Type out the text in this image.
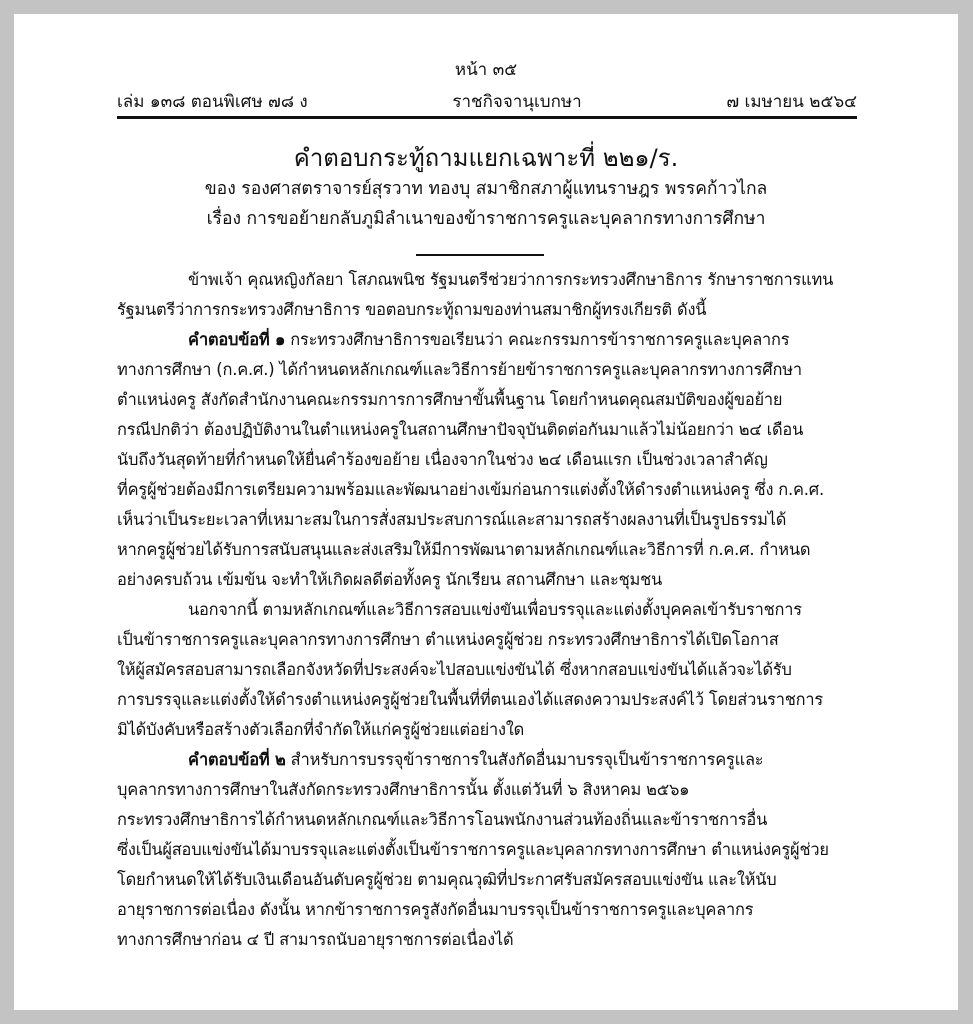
หน้า ๓๕
เล่ม ๑๓๘ ตอนพิเศษ ๗๘ ง	ราชกิจจานุเบกษา	๗ เมษายน ๒๕๖๔
คำตอบกระทู้ถามแยกเฉพาะที่ ๒๒๑/ร.
ของ รองศาสตราจารย์สุรวาท ทองบุ สมาชิกสภาผู้แทนราษฎร พรรคก้าวไกล
เรื่อง การขอย้ายกลับภูมิลำเนาของข้าราชการครูและบุคลากรทางการศึกษา
ข้าพเจ้า คุณหญิงกัลยา โสภณพนิช รัฐมนตรีช่วยว่าการกระทรวงศึกษาธิการ รักษาราชการแทน
รัฐมนตรีว่าการกระทรวงศึกษาธิการ ขอตอบกระทู้ถามของท่านสมาชิกผู้ทรงเกียรติ ดังนี้
คำตอบข้อที่ ๑ กระทรวงศึกษาธิการขอเรียนว่า คณะกรรมการข้าราชการครูและบุคลากร
ทางการศึกษา (ก.ค.ศ.) ได้กำหนดหลักเกณฑ์และวิธีการย้ายข้าราชการครูและบุคลากรทางการศึกษา
ตำแหน่งครู สังกัดสำนักงานคณะกรรมการการศึกษาขั้นพื้นฐาน โดยกำหนดคุณสมบัติของผู้ขอย้าย
กรณีปกติว่า ต้องปฏิบัติงานในตำแหน่งครูในสถานศึกษาปัจจุบันติดต่อกันมาแล้วไม่น้อยกว่า ๒๔ เดือน
นับถึงวันสุดท้ายที่กำหนดให้ยื่นคำร้องขอย้าย เนื่องจากในช่วง ๒๔ เดือนแรก เป็นช่วงเวลาสำคัญ
ที่ครูผู้ช่วยต้องมีการเตรียมความพร้อมและพัฒนาอย่างเข้มก่อนการแต่งตั้งให้ดำรงตำแหน่งครู ซึ่ง ก.ค.ศ.
เห็นว่าเป็นระยะเวลาที่เหมาะสมในการสั่งสมประสบการณ์และสามารถสร้างผลงานที่เป็นรูปธรรมได้
หากครูผู้ช่วยได้รับการสนับสนุนและส่งเสริมให้มีการพัฒนาตามหลักเกณฑ์และวิธีการที่ ก.ค.ศ. กำหนด
อย่างครบถ้วน เข้มข้น จะทำให้เกิดผลดีต่อทั้งครู นักเรียน สถานศึกษา และชุมชน
นอกจากนี้ ตามหลักเกณฑ์และวิธีการสอบแข่งขันเพื่อบรรจุและแต่งตั้งบุคคลเข้ารับราชการ
เป็นข้าราชการครูและบุคลากรทางการศึกษา ตำแหน่งครูผู้ช่วย กระทรวงศึกษาธิการได้เปิดโอกาส
ให้ผู้สมัครสอบสามารถเลือกจังหวัดที่ประสงค์จะไปสอบแข่งขันได้ ซึ่งหากสอบแข่งขันได้แล้วจะได้รับ
การบรรจุและแต่งตั้งให้ดำรงตำแหน่งครูผู้ช่วยในพื้นที่ที่ตนเองได้แสดงความประสงค์ไว้ โดยส่วนราชการ
มิได้บังคับหรือสร้างตัวเลือกที่จำกัดให้แก่ครูผู้ช่วยแต่อย่างใด
คำตอบข้อที่ ๒ สำหรับการบรรจุข้าราชการในสังกัดอื่นมาบรรจุเป็นข้าราชการครูและ
บุคลากรทางการศึกษาในสังกัดกระทรวงศึกษาธิการนั้น ตั้งแต่วันที่ ๖ สิงหาคม ๒๕๖๑
กระทรวงศึกษาธิการได้กำหนดหลักเกณฑ์และวิธีการโอนพนักงานส่วนท้องถิ่นและข้าราชการอื่น
ซึ่งเป็นผู้สอบแข่งขันได้มาบรรจุและแต่งตั้งเป็นข้าราชการครูและบุคลากรทางการศึกษา ตำแหน่งครูผู้ช่วย
โดยกำหนดให้ได้รับเงินเดือนอันดับครูผู้ช่วย ตามคุณวุฒิที่ประกาศรับสมัครสอบแข่งขัน และให้นับ
อายุราชการต่อเนื่อง ดังนั้น หากข้าราชการครูสังกัดอื่นมาบรรจุเป็นข้าราชการครูและบุคลากร
ทางการศึกษาก่อน ๔ ปี สามารถนับอายุราชการต่อเนื่องได้
